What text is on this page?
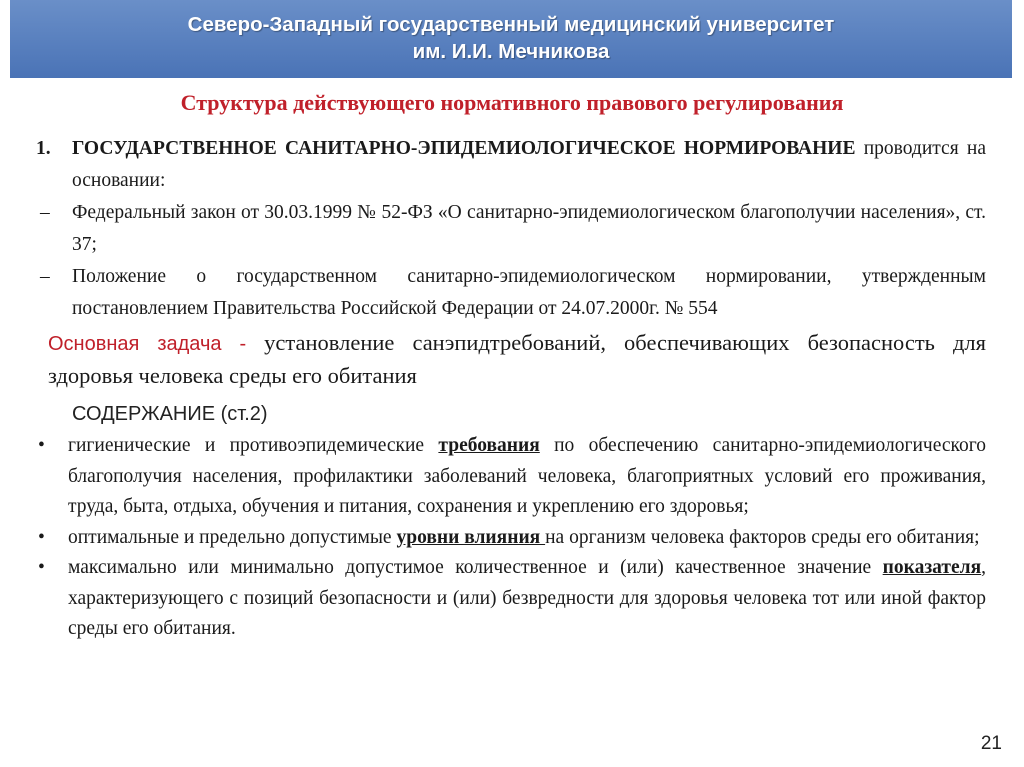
Северо-Западный государственный медицинский университет
им. И.И. Мечникова
Структура действующего нормативного правового регулирования
1. ГОСУДАРСТВЕННОЕ САНИТАРНО-ЭПИДЕМИОЛОГИЧЕСКОЕ НОРМИРОВАНИЕ проводится на основании:
– Федеральный закон от 30.03.1999 № 52-ФЗ «О санитарно-эпидемиологическом благополучии населения», ст. 37;
– Положение о государственном санитарно-эпидемиологическом нормировании, утвержденным постановлением Правительства Российской Федерации от 24.07.2000г. № 554
Основная задача - установление санэпидтребований, обеспечивающих безопасность для здоровья человека среды его обитания
СОДЕРЖАНИЕ (ст.2)
• гигиенические и противоэпидемические требования по обеспечению санитарно-эпидемиологического благополучия населения, профилактики заболеваний человека, благоприятных условий его проживания, труда, быта, отдыха, обучения и питания, сохранения и укреплению его здоровья;
• оптимальные и предельно допустимые уровни влияния на организм человека факторов среды его обитания;
• максимально или минимально допустимое количественное и (или) качественное значение показателя, характеризующего с позиций безопасности и (или) безвредности для здоровья человека тот или иной фактор среды его обитания.
21
